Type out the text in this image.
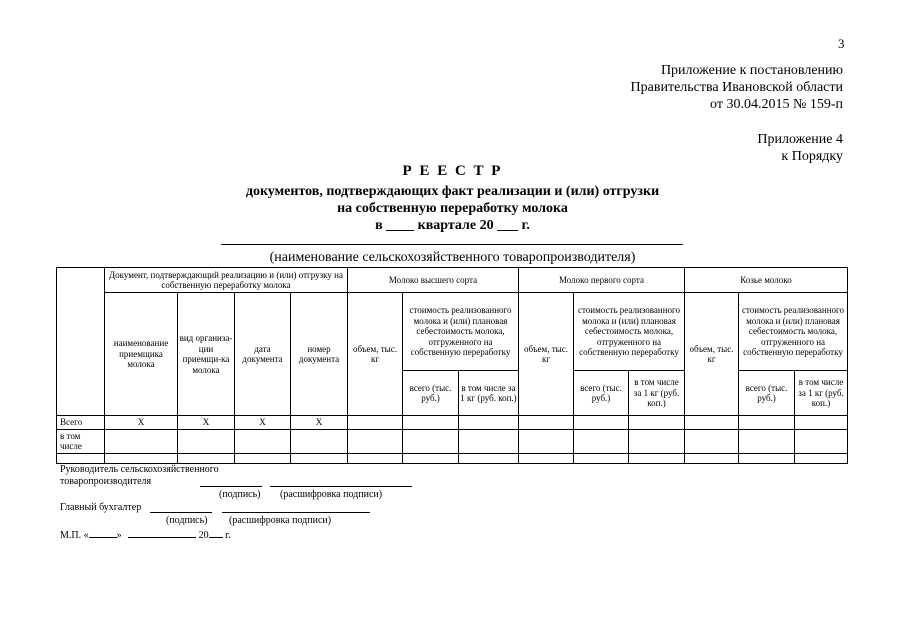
3
Приложение к постановлению
Правительства Ивановской области
от 30.04.2015 № 159-п
Приложение 4
к Порядку
Р Е Е С Т Р
документов, подтверждающих факт реализации и (или) отгрузки
на собственную переработку молока
в ____ квартале 20 ___ г.
(наименование сельскохозяйственного товаропроизводителя)
	Документ, подтверждающий реализацию и (или) отгрузку на собственную переработку молока				Молоко высшего сорта			Молоко первого сорта			Козье молоко		
	наименование приемщика молока	вид организа-ции приемщи-ка молока	дата документа	номер документа	объем, тыс. кг	стоимость реализованного молока и (или) плановая себестоимость молока, отгруженного на собственную переработку		объем, тыс. кг	стоимость реализованного молока и (или) плановая себестоимость молока, отгруженного на собственную переработку		объем, тыс. кг	стоимость реализованного молока и (или) плановая себестоимость молока, отгруженного на собственную переработку	
						всего (тыс. руб.)	в том числе за 1 кг (руб. коп.)		всего (тыс. руб.)	в том числе за 1 кг (руб. коп.)		всего (тыс. руб.)	в том числе за 1 кг (руб. коп.)
Всего	X	X	X	X									
в том числе													

Руководитель сельскохозяйственного
товаропроизводителя
(подпись) (расшифровка подписи)
Главный бухгалтер
(подпись) (расшифровка подписи)
М.П. «	»	20 г.
